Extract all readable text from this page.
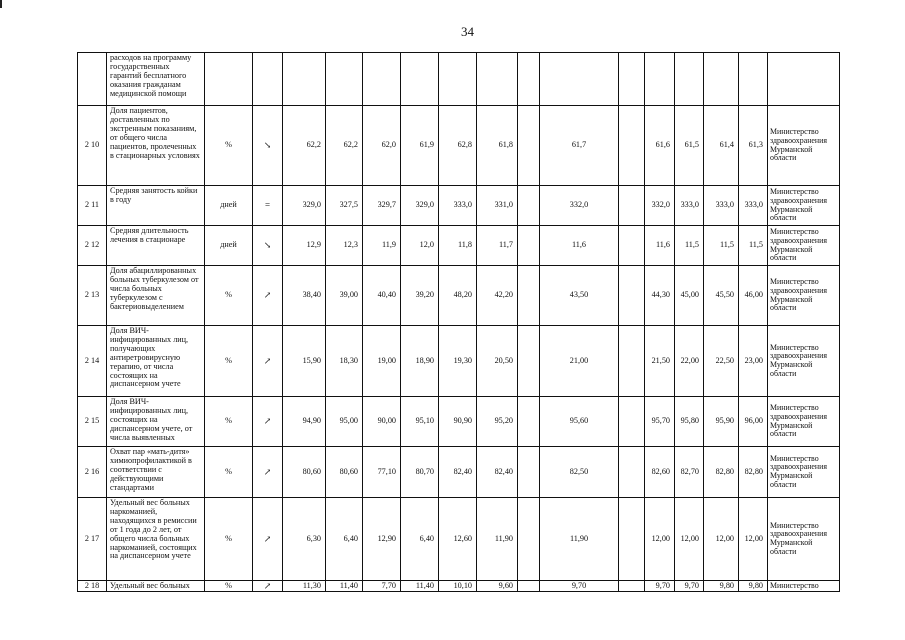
34
	расходов на программу государственных гарантий бесплатного оказания гражданам медицинской помощи																
2 10	Доля пациентов, доставленных по экстренным показаниям, от общего числа пациентов, пролеченных в стационарных условиях	%	↘	62,2	62,2	62,0	61,9	62,8	61,8		61,7		61,6	61,5	61,4	61,3	Министерство здравоохранения Мурманской области
2 11	Средняя занятость койки в году	дней	=	329,0	327,5	329,7	329,0	333,0	331,0		332,0		332,0	333,0	333,0	333,0	Министерство здравоохранения Мурманской области
2 12	Средняя длительность лечения в стационаре	дней	↘	12,9	12,3	11,9	12,0	11,8	11,7		11,6		11,6	11,5	11,5	11,5	Министерство здравоохранения Мурманской области
2 13	Доля абациллированных больных туберкулезом от числа больных туберкулезом с бактериовыделением	%	↗	38,40	39,00	40,40	39,20	48,20	42,20		43,50		44,30	45,00	45,50	46,00	Министерство здравоохранения Мурманской области
2 14	Доля ВИЧ-инфицированных лиц, получающих антиретровирусную терапию, от числа состоящих на диспансерном учете	%	↗	15,90	18,30	19,00	18,90	19,30	20,50		21,00		21,50	22,00	22,50	23,00	Министерство здравоохранения Мурманской области
2 15	Доля ВИЧ-инфицированных лиц, состоящих на диспансерном учете, от числа выявленных	%	↗	94,90	95,00	90,00	95,10	90,90	95,20		95,60		95,70	95,80	95,90	96,00	Министерство здравоохранения Мурманской области
2 16	Охват пар «мать-дитя» химиопрофилактикой в соответствии с действующими стандартами	%	↗	80,60	80,60	77,10	80,70	82,40	82,40		82,50		82,60	82,70	82,80	82,80	Министерство здравоохранения Мурманской области
2 17	Удельный вес больных наркоманией, находящихся в ремиссии от 1 года до 2 лет, от общего числа больных наркоманией, состоящих на диспансерном учете	%	↗	6,30	6,40	12,90	6,40	12,60	11,90		11,90		12,00	12,00	12,00	12,00	Министерство здравоохранения Мурманской области
2 18	Удельный вес больных	%	↗	11,30	11,40	7,70	11,40	10,10	9,60		9,70		9,70	9,70	9,80	9,80	Министерство
